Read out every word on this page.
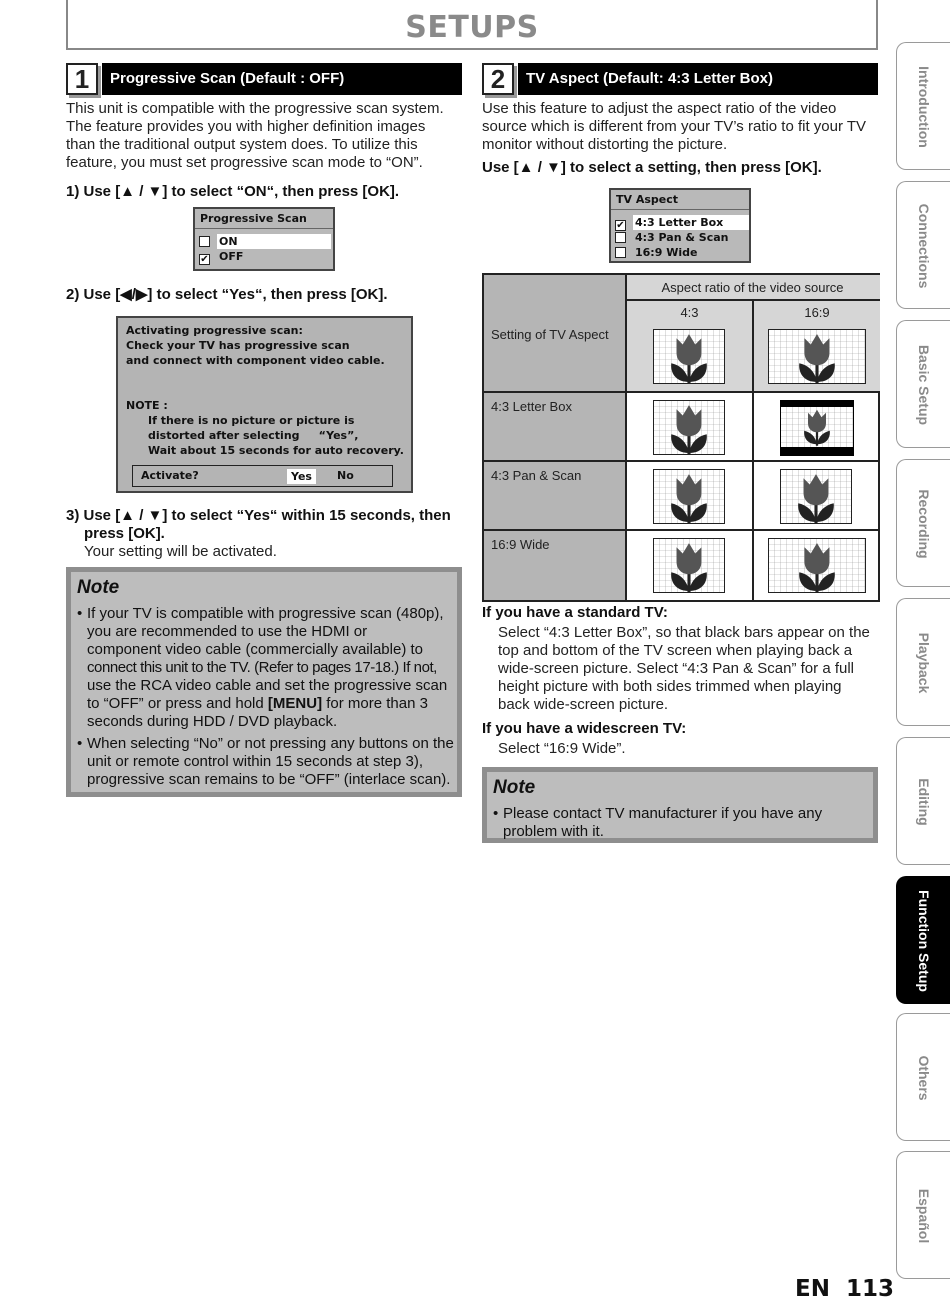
SETUPS
1	Progressive Scan (Default : OFF)
This unit is compatible with the progressive scan system.
The feature provides you with higher definition images
than the traditional output system does. To utilize this
feature, you must set progressive scan mode to “ON”.
1) Use [▲ / ▼] to select “ON“, then press [OK].
Progressive Scan
ON
✔ OFF
2) Use [◀/▶] to select “Yes“, then press [OK].
Activating progressive scan:
Check your TV has progressive scan
and connect with component video cable.
NOTE :
If there is no picture or picture is
distorted after selecting     “Yes”,
Wait about 15 seconds for auto recovery.
Activate?	Yes	No
3) Use [▲ / ▼] to select “Yes“ within 15 seconds, then
press [OK].
Your setting will be activated.
Note
• If your TV is compatible with progressive scan (480p),
you are recommended to use the HDMI or
component video cable (commercially available) to
connect this unit to the TV. (Refer to pages 17-18.) If not,
use the RCA video cable and set the progressive scan
to “OFF” or press and hold [MENU] for more than 3
seconds during HDD / DVD playback.
• When selecting “No” or not pressing any buttons on the
unit or remote control within 15 seconds at step 3),
progressive scan remains to be “OFF” (interlace scan).
2	TV Aspect (Default: 4:3 Letter Box)
Use this feature to adjust the aspect ratio of the video
source which is different from your TV’s ratio to fit your TV
monitor without distorting the picture.
Use [▲ / ▼] to select a setting, then press [OK].
TV Aspect
✔ 4:3 Letter Box
4:3 Pan & Scan
16:9 Wide
Setting of TV Aspect
Aspect ratio of the video source
4:3	16:9
4:3 Letter Box
4:3 Pan & Scan
16:9 Wide
If you have a standard TV:
Select “4:3 Letter Box”, so that black bars appear on the
top and bottom of the TV screen when playing back a
wide-screen picture. Select “4:3 Pan & Scan” for a full
height picture with both sides trimmed when playing
back wide-screen picture.
If you have a widescreen TV:
Select “16:9 Wide”.
Note
• Please contact TV manufacturer if you have any
problem with it.
Introduction
Connections
Basic Setup
Recording
Playback
Editing
Function Setup
Others
Español
EN 113
